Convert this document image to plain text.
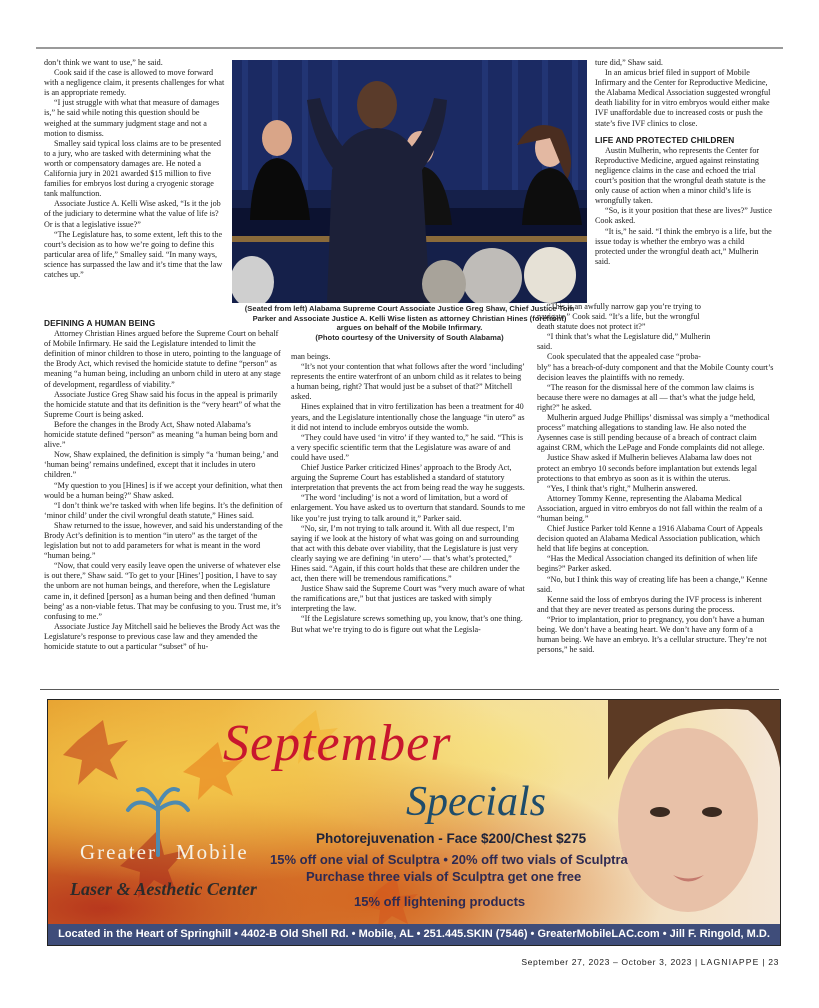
don’t think we want to use,” he said.

Cook said if the case is allowed to move forward with a negligence claim, it presents challenges for what is an appropriate remedy.

“I just struggle with what that measure of damages is,” he said while noting this question should be weighed at the summary judgment stage and not a motion to dismiss.

Smalley said typical loss claims are to be presented to a jury, who are tasked with determining what the worth or compensatory damages are. He noted a California jury in 2021 awarded $15 million to five families for embryos lost during a cryogenic storage tank malfunction.

Associate Justice A. Kelli Wise asked, “Is it the job of the judiciary to determine what the value of life is? Or is that a legislative issue?”

“The Legislature has, to some extent, left this to the court’s decision as to how we’re going to define this particular area of life,” Smalley said. “In many ways, science has surpassed the law and it’s time that the law catches up.”

DEFINING A HUMAN BEING

Attorney Christian Hines argued before the Supreme Court on behalf of Mobile Infirmary. He said the Legislature intended to limit the definition of minor children to those in utero, pointing to the language of the Brody Act, which revised the homicide statute to define “person” as meaning “a human being, including an unborn child in utero at any stage of development, regardless of viability.”

Associate Justice Greg Shaw said his focus in the appeal is primarily the homicide statute and that its definition is the “very heart” of what the Supreme Court is being asked.

Before the changes in the Brody Act, Shaw noted Alabama’s homicide statute defined “person” as meaning “a human being born and alive.”

Now, Shaw explained, the definition is simply “a ‘human being,’ and ‘human being’ remains undefined, except that it includes in utero children.”

“My question to you [Hines] is if we accept your definition, what then would be a human being?” Shaw asked.

“I don’t think we’re tasked with when life begins. It’s the definition of ‘minor child’ under the civil wrongful death statute,” Hines said.

Shaw returned to the issue, however, and said his understanding of the Brody Act’s definition is to mention “in utero” as the target of the legislation but not to add parameters for what is meant in the word “human being.”

“Now, that could very easily leave open the universe of whatever else is out there,” Shaw said. “To get to your [Hines’] position, I have to say the unborn are not human beings, and therefore, when the Legislature came in, it defined [person] as a human being and then defined ‘human being’ as a non-viable fetus. That may be confusing to you. Trust me, it’s confusing to me.”

Associate Justice Jay Mitchell said he believes the Brody Act was the Legislature’s response to previous case law and they amended the homicide statute to out a particular “subset” of hu-

(Seated from left) Alabama Supreme Court Associate Justice Greg Shaw, Chief Justice Tom
Parker and Associate Justice A. Kelli Wise listen as attorney Christian Hines (forefront)
argues on behalf of the Mobile Infirmary.
(Photo courtesy of the University of South Alabama)

man beings.

“It’s not your contention that what follows after the word ‘including’ represents the entire waterfront of an unborn child as it relates to being a human being, right? That would just be a subset of that?” Mitchell asked.

Hines explained that in vitro fertilization has been a treatment for 40 years, and the Legislature intentionally chose the language “in utero” as it did not intend to include embryos outside the womb.

“They could have used ‘in vitro’ if they wanted to,” he said. “This is a very specific scientific term that the Legislature was aware of and could have used.”

Chief Justice Parker criticized Hines’ approach to the Brody Act, arguing the Supreme Court has established a standard of statutory interpretation that prevents the act from being read the way he suggests.

“The word ‘including’ is not a word of limitation, but a word of enlargement. You have asked us to overturn that standard. Sounds to me like you’re just trying to talk around it,” Parker said.

“No, sir, I’m not trying to talk around it. With all due respect, I’m saying if we look at the history of what was going on and surrounding that act with this debate over viability, that the Legislature is just very clearly saying we are defining ‘in utero’ — that’s what’s protected,” Hines said. “Again, if this court holds that these are children under the act, then there will be tremendous ramifications.”

Justice Shaw said the Supreme Court was “very much aware of what the ramifications are,” but that justices are tasked with simply interpreting the law.

“If the Legislature screws something up, you know, that’s one thing. But what we’re trying to do is figure out what the Legisla-

ture did,” Shaw said.

In an amicus brief filed in support of Mobile Infirmary and the Center for Reproductive Medicine, the Alabama Medical Association suggested wrongful death liability for in vitro embryos would either make IVF unaffordable due to increased costs or push the state’s five IVF clinics to close.

LIFE AND PROTECTED CHILDREN

Austin Mulherin, who represents the Center for Reproductive Medicine, argued against reinstating negligence claims in the case and echoed the trial court’s position that the wrongful death statute is the only cause of action when a minor child’s life is wrongfully taken.

“So, is it your position that these are lives?” Justice Cook asked.

“It is,” he said. “I think the embryo is a life, but the issue today is whether the embryo was a child protected under the wrongful death act,” Mulherin said.

“This is an awfully narrow gap you’re trying to navigate,” Cook said. “It’s a life, but the wrongful death statute does not protect it?”

“I think that’s what the Legislature did,” Mulherin said.

Cook speculated that the appealed case “proba-

bly” has a breach-of-duty component and that the Mobile County court’s decision leaves the plaintiffs with no remedy.

“The reason for the dismissal here of the common law claims is because there were no damages at all — that’s what the judge held, right?” he asked.

Mulherin argued Judge Phillips’ dismissal was simply a “methodical process” matching allegations to standing law. He also noted the Aysennes case is still pending because of a breach of contract claim against CRM, which the LePage and Fonde complaints did not allege.

Justice Shaw asked if Mulherin believes Alabama law does not protect an embryo 10 seconds before implantation but extends legal protections to that embryo as soon as it is within the uterus.

“Yes, I think that’s right,” Mulherin answered.

Attorney Tommy Kenne, representing the Alabama Medical Association, argued in vitro embryos do not fall within the realm of a “human being.”

Chief Justice Parker told Kenne a 1916 Alabama Court of Appeals decision quoted an Alabama Medical Association publication, which held that life begins at conception.

“Has the Medical Association changed its definition of when life begins?” Parker asked.

“No, but I think this way of creating life has been a change,” Kenne said.

Kenne said the loss of embryos during the IVF process is inherent and that they are never treated as persons during the process.

“Prior to implantation, prior to pregnancy, you don’t have a human being. We don’t have a beating heart. We don’t have any form of a human being. We have an embryo. It’s a cellular structure. They’re not persons,” he said.

September
Specials
Greater Mobile
Laser & Aesthetic Center
Photorejuvenation - Face $200/Chest $275
15% off one vial of Sculptra • 20% off two vials of Sculptra
Purchase three vials of Sculptra get one free
15% off lightening products
Located in the Heart of Springhill • 4402-B Old Shell Rd. • Mobile, AL • 251.445.SKIN (7546) • GreaterMobileLAC.com • Jill F. Ringold, M.D.
September 27, 2023 – October 3, 2023 | LAGNIAPPE | 23
